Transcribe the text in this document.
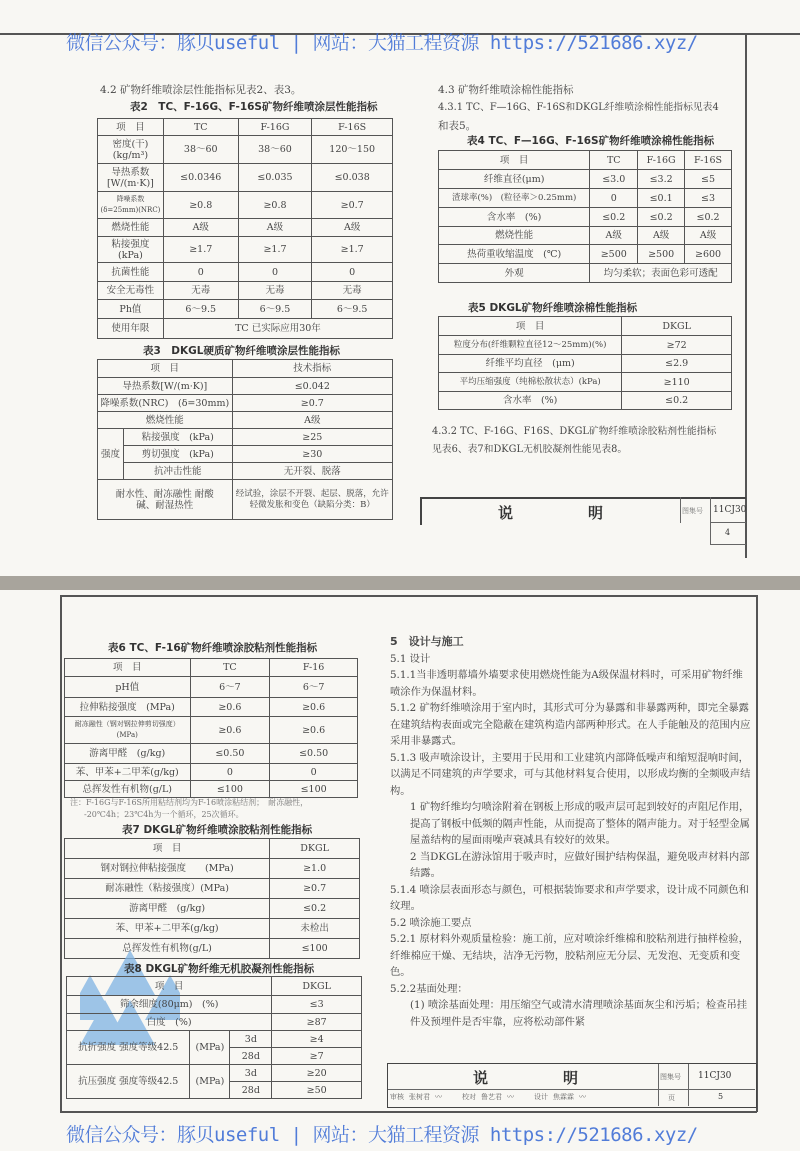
4.2 矿物纤维喷涂层性能指标见表2、表3。
表2　TC、F-16G、F-16S矿物纤维喷涂层性能指标
项　目	TC	F-16G	F-16S
密度(干)(kg/m³)	38～60	38～60	120～150
导热系数[W/(m·K)]	≤0.0346	≤0.035	≤0.038
降噪系数(δ=25mm)(NRC)	≥0.8	≥0.8	≥0.7
燃烧性能	A级	A级	A级
粘接强度(kPa)	≥1.7	≥1.7	≥1.7
抗菌性能	0	0	0
安全无毒性	无毒	无毒	无毒
Ph值	6～9.5	6～9.5	6～9.5
使用年限	TC 已实际应用30年		
表3　DKGL硬质矿物纤维喷涂层性能指标
项　目		技术指标
导热系数[W/(m·K)]		≤0.042
降噪系数(NRC)　(δ=30mm)		≥0.7
燃烧性能		A级
强度	粘接强度　(kPa)	≥25
	剪切强度　(kPa)	≥30
	抗冲击性能	无开裂、脱落
耐水性、耐冻融性 耐酸碱、耐湿热性		经试验，涂层不开裂、起层、脱落，允许轻微发胀和变色（缺陷分类：B）
4.3 矿物纤维喷涂棉性能指标
4.3.1 TC、F—16G、F-16S和DKGL纤维喷涂棉性能指标见表4
和表5。
表4 TC、F—16G、F-16S矿物纤维喷涂棉性能指标
项　目	TC	F-16G	F-16S
纤维直径(μm)	≤3.0	≤3.2	≤5
渣球率(%)　(粒径率＞0.25mm)	0	≤0.1	≤3
含水率　(%)	≤0.2	≤0.2	≤0.2
燃烧性能	A级	A级	A级
热荷重收缩温度　(℃)	≥500	≥500	≥600
外观	均匀柔软；表面色彩可透配		
表5 DKGL矿物纤维喷涂棉性能指标
项　目	DKGL
粒度分布(纤维颗粒直径12～25mm)(%)	≥72
纤维平均直径　(μm)	≤2.9
平均压缩强度（纯棉松散状态）(kPa)	≥110
含水率　(%)	≤0.2
4.3.2 TC、F-16G、F16S、DKGL矿物纤维喷涂胶粘剂性能指标
见表6、表7和DKGL无机胶凝剂性能见表8。
说	明	图集号 11CJ30
4
表6 TC、F-16矿物纤维喷涂胶粘剂性能指标
项　目	TC	F-16
pH值	6～7	6～7
拉伸粘接强度　(MPa)	≥0.6	≥0.6
耐冻融性（钢对钢拉伸剪切强度）(MPa)	≥0.6	≥0.6
游离甲醛　(g/kg)	≤0.50	≤0.50
苯、甲苯+二甲苯(g/kg)	0	0
总挥发性有机物(g/L)	≤100	≤100
注：F-16G与F-16S所用粘结剂均为F-16喷涂粘结剂；　耐冻融性，
-20℃4h；23℃4h为一个循环，25次循环。
表7 DKGL矿物纤维喷涂胶粘剂性能指标
项　目	DKGL
钢对钢拉伸粘接强度　　(MPa)	≥1.0
耐冻融性（粘接强度）(MPa)	≥0.7
游离甲醛　(g/kg)	≤0.2
苯、甲苯+二甲苯(g/kg)	未检出
总挥发性有机物(g/L)	≤100
表8 DKGL矿物纤维无机胶凝剂性能指标
项　目			DKGL
筛余细度(80μm)　(%)			≤3
白度　(%)			≥87
抗折强度 强度等级42.5	(MPa)	3d	≥4
		28d	≥7
抗压强度 强度等级42.5	(MPa)	3d	≥20
		28d	≥50

5　设计与施工

5.1 设计

5.1.1当非透明幕墙外墙要求使用燃烧性能为A级保温材料时，可采用矿物纤维喷涂作为保温材料。

5.1.2 矿物纤维喷涂用于室内时，其形式可分为暴露和非暴露两种，即完全暴露在建筑结构表面或完全隐蔽在建筑构造内部两种形式。在人手能触及的范围内应采用非暴露式。

5.1.3 吸声喷涂设计，主要用于民用和工业建筑内部降低噪声和缩短混响时间，以满足不同建筑的声学要求，可与其他材料复合使用，以形成均衡的全频吸声结构。

1 矿物纤维均匀喷涂附着在钢板上形成的吸声层可起到较好的声阻尼作用，提高了钢板中低频的隔声性能，从而提高了整体的隔声能力。对于轻型金属屋盖结构的屋面雨噪声衰减具有较好的效果。

2 当DKGL在游泳馆用于吸声时，应做好围护结构保温，避免吸声材料内部结露。

5.1.4 喷涂层表面形态与颜色，可根据装饰要求和声学要求，设计成不同颜色和纹理。

5.2 喷涂施工要点

5.2.1 原材料外观质量检验：施工前，应对喷涂纤维棉和胶粘剂进行抽样检验，纤维棉应干燥、无结块，洁净无污物，胶粘剂应无分层、无发泡、无变质和变色。

5.2.2基面处理：

(1) 喷涂基面处理：用压缩空气或清水清理喷涂基面灰尘和污垢；检查吊挂件及预埋件是否牢靠，应将松动部件紧

说	明	图集号 11CJ30
页	5
审核 张树君 〰	校对 鲁艺君 〰	设计 焦霖霖 〰
微信公众号：豚贝useful | 网站：大猫工程资源 https://521686.xyz/
微信公众号：豚贝useful | 网站：大猫工程资源 https://521686.xyz/
